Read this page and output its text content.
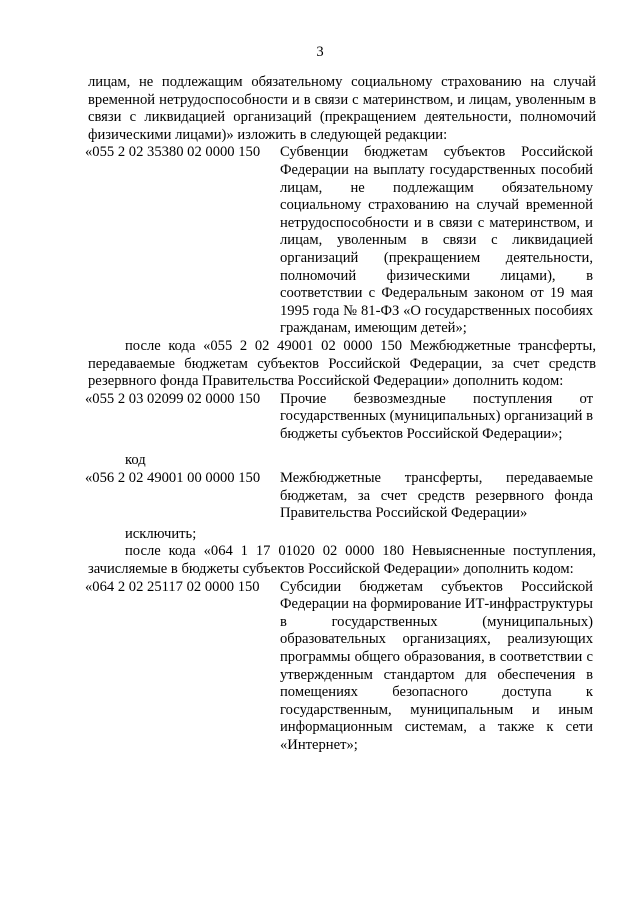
3
лицам, не подлежащим обязательному социальному страхованию на случай временной нетрудоспособности и в связи с материнством, и лицам, уволенным в связи с ликвидацией организаций (прекращением деятельности, полномочий физическими лицами)» изложить в следующей редакции:
«055 2 02 35380 02 0000 150	Субвенции бюджетам субъектов Российской Федерации на выплату государственных пособий лицам, не подлежащим обязательному социальному страхованию на случай временной нетрудоспособности и в связи с материнством, и лицам, уволенным в связи с ликвидацией организаций (прекращением деятельности, полномочий физическими лицами), в соответствии с Федеральным законом от 19 мая 1995 года № 81-ФЗ «О государственных пособиях гражданам, имеющим детей»;
после кода «055 2 02 49001 02 0000 150 Межбюджетные трансферты, передаваемые бюджетам субъектов Российской Федерации, за счет средств резервного фонда Правительства Российской Федерации» дополнить кодом:
«055 2 03 02099 02 0000 150	Прочие безвозмездные поступления от государственных (муниципальных) организаций в бюджеты субъектов Российской Федерации»;
код
«056 2 02 49001 00 0000 150	Межбюджетные трансферты, передаваемые бюджетам, за счет средств резервного фонда Правительства Российской Федерации»
исключить;
после кода «064 1 17 01020 02 0000 180 Невыясненные поступления, зачисляемые в бюджеты субъектов Российской Федерации» дополнить кодом:
«064 2 02 25117 02 0000 150	Субсидии бюджетам субъектов Российской Федерации на формирование ИТ-инфраструктуры в государственных (муниципальных) образовательных организациях, реализующих программы общего образования, в соответствии с утвержденным стандартом для обеспечения в помещениях безопасного доступа к государственным, муниципальным и иным информационным системам, а также к сети «Интернет»;
